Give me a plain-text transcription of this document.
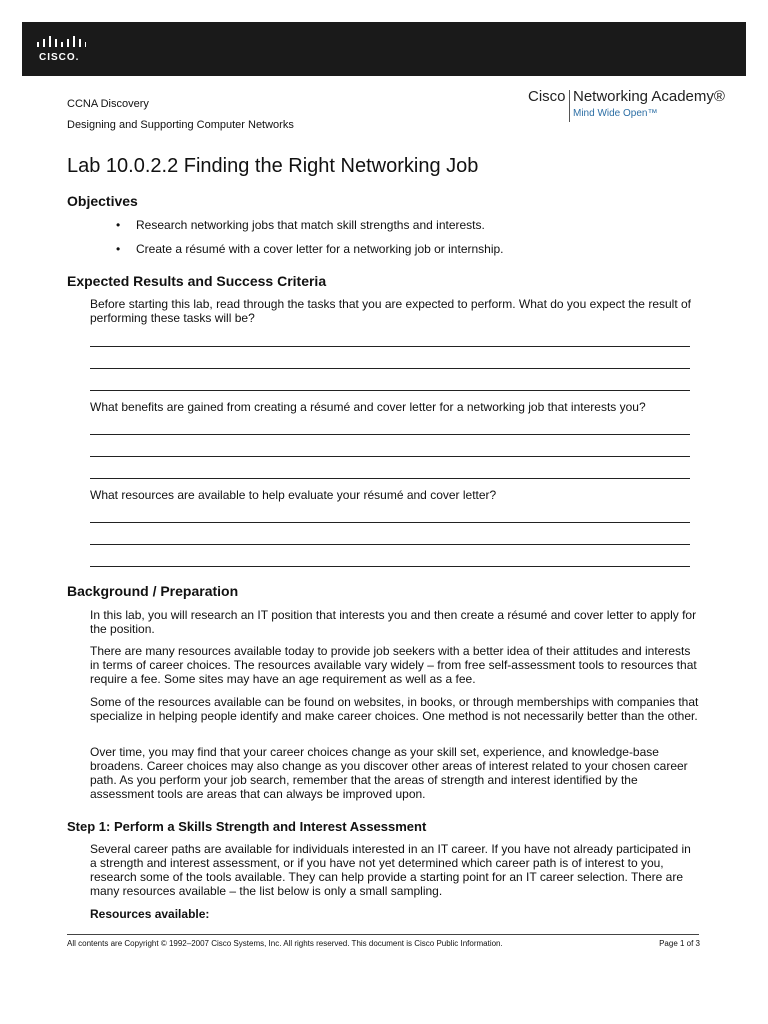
CISCO.
CCNA Discovery
Designing and Supporting Computer Networks
Cisco Networking Academy®
Mind Wide Open™
Lab 10.0.2.2 Finding the Right Networking Job
Objectives
• Research networking jobs that match skill strengths and interests.
• Create a résumé with a cover letter for a networking job or internship.
Expected Results and Success Criteria
Before starting this lab, read through the tasks that you are expected to perform. What do you expect the result of performing these tasks will be?
What benefits are gained from creating a résumé and cover letter for a networking job that interests you?
What resources are available to help evaluate your résumé and cover letter?
Background / Preparation
In this lab, you will research an IT position that interests you and then create a résumé and cover letter to apply for the position.
There are many resources available today to provide job seekers with a better idea of their attitudes and interests in terms of career choices. The resources available vary widely – from free self-assessment tools to resources that require a fee. Some sites may have an age requirement as well as a fee.
Some of the resources available can be found on websites, in books, or through memberships with companies that specialize in helping people identify and make career choices. One method is not necessarily better than the other.
Over time, you may find that your career choices change as your skill set, experience, and knowledge-base broadens. Career choices may also change as you discover other areas of interest related to your chosen career path. As you perform your job search, remember that the areas of strength and interest identified by the assessment tools are areas that can always be improved upon.
Step 1: Perform a Skills Strength and Interest Assessment
Several career paths are available for individuals interested in an IT career. If you have not already participated in a strength and interest assessment, or if you have not yet determined which career path is of interest to you, research some of the tools available. They can help provide a starting point for an IT career selection. There are many resources available – the list below is only a small sampling.
Resources available:
All contents are Copyright © 1992–2007 Cisco Systems, Inc. All rights reserved. This document is Cisco Public Information.	Page 1 of 3
